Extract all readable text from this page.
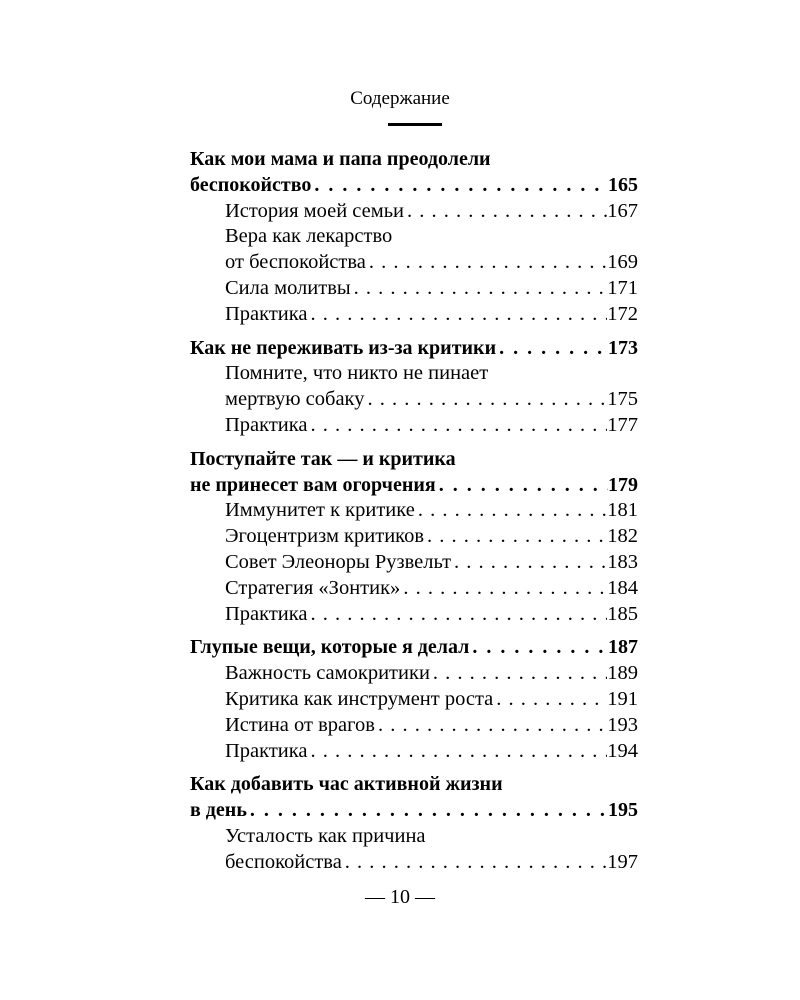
Содержание
Как мои мама и папа преодолели
беспокойство . . .	165
История моей семьи . . .	167
Вера как лекарство
от беспокойства . . .	169
Сила молитвы . . .	171
Практика . . .	172
Как не переживать из-за критики . . .	173
Помните, что никто не пинает
мертвую собаку . . .	175
Практика . . .	177
Поступайте так — и критика
не принесет вам огорчения . . .	179
Иммунитет к критике . . .	181
Эгоцентризм критиков . . .	182
Совет Элеоноры Рузвельт . . .	183
Стратегия «Зонтик» . . .	184
Практика . . .	185
Глупые вещи, которые я делал . . .	187
Важность самокритики . . .	189
Критика как инструмент роста . . .	191
Истина от врагов . . .	193
Практика . . .	194
Как добавить час активной жизни
в день . . .	195
Усталость как причина
беспокойства . . .	197
— 10 —
